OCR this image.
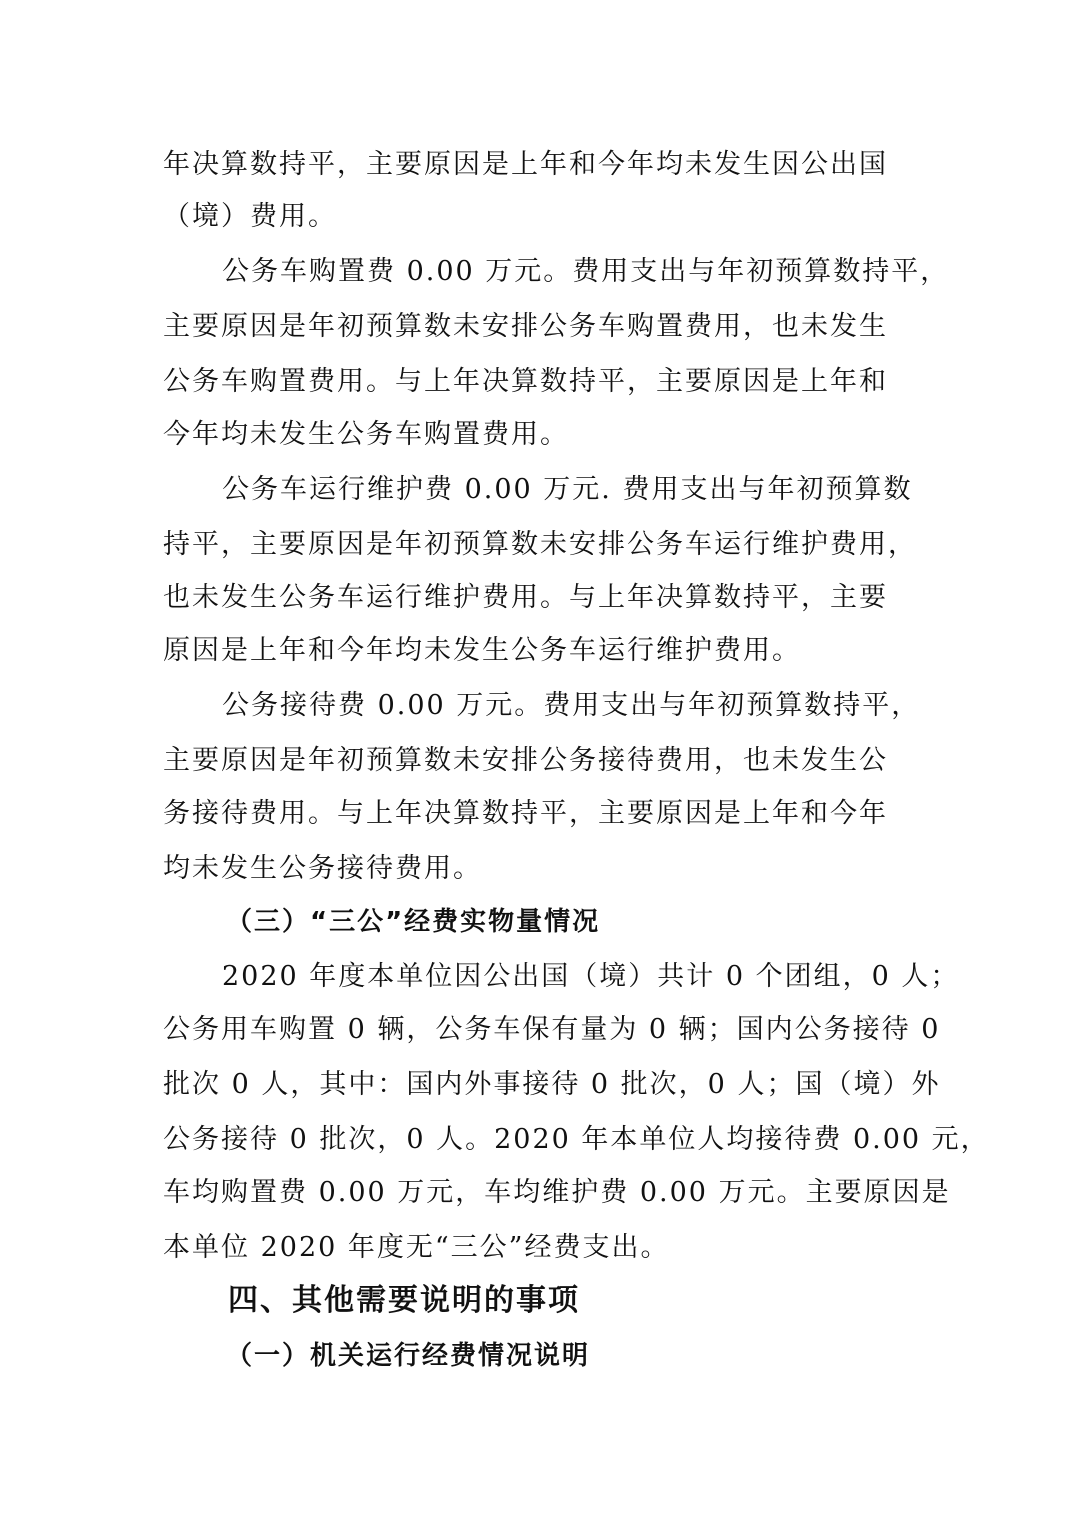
年决算数持平，主要原因是上年和今年均未发生因公出国
（境）费用。
公务车购置费 0.00 万元。费用支出与年初预算数持平，
主要原因是年初预算数未安排公务车购置费用，也未发生
公务车购置费用。与上年决算数持平，主要原因是上年和
今年均未发生公务车购置费用。
公务车运行维护费 0.00 万元. 费用支出与年初预算数
持平，主要原因是年初预算数未安排公务车运行维护费用，
也未发生公务车运行维护费用。与上年决算数持平，主要
原因是上年和今年均未发生公务车运行维护费用。
公务接待费 0.00 万元。费用支出与年初预算数持平，
主要原因是年初预算数未安排公务接待费用，也未发生公
务接待费用。与上年决算数持平，主要原因是上年和今年
均未发生公务接待费用。
（三）“三公”经费实物量情况
2020 年度本单位因公出国（境）共计 0 个团组，0 人；
公务用车购置 0 辆，公务车保有量为 0 辆；国内公务接待 0
批次 0 人，其中：国内外事接待 0 批次，0 人；国（境）外
公务接待 0 批次，0 人。2020 年本单位人均接待费 0.00 元，
车均购置费 0.00 万元，车均维护费 0.00 万元。主要原因是
本单位 2020 年度无“三公”经费支出。
四、其他需要说明的事项
（一）机关运行经费情况说明
